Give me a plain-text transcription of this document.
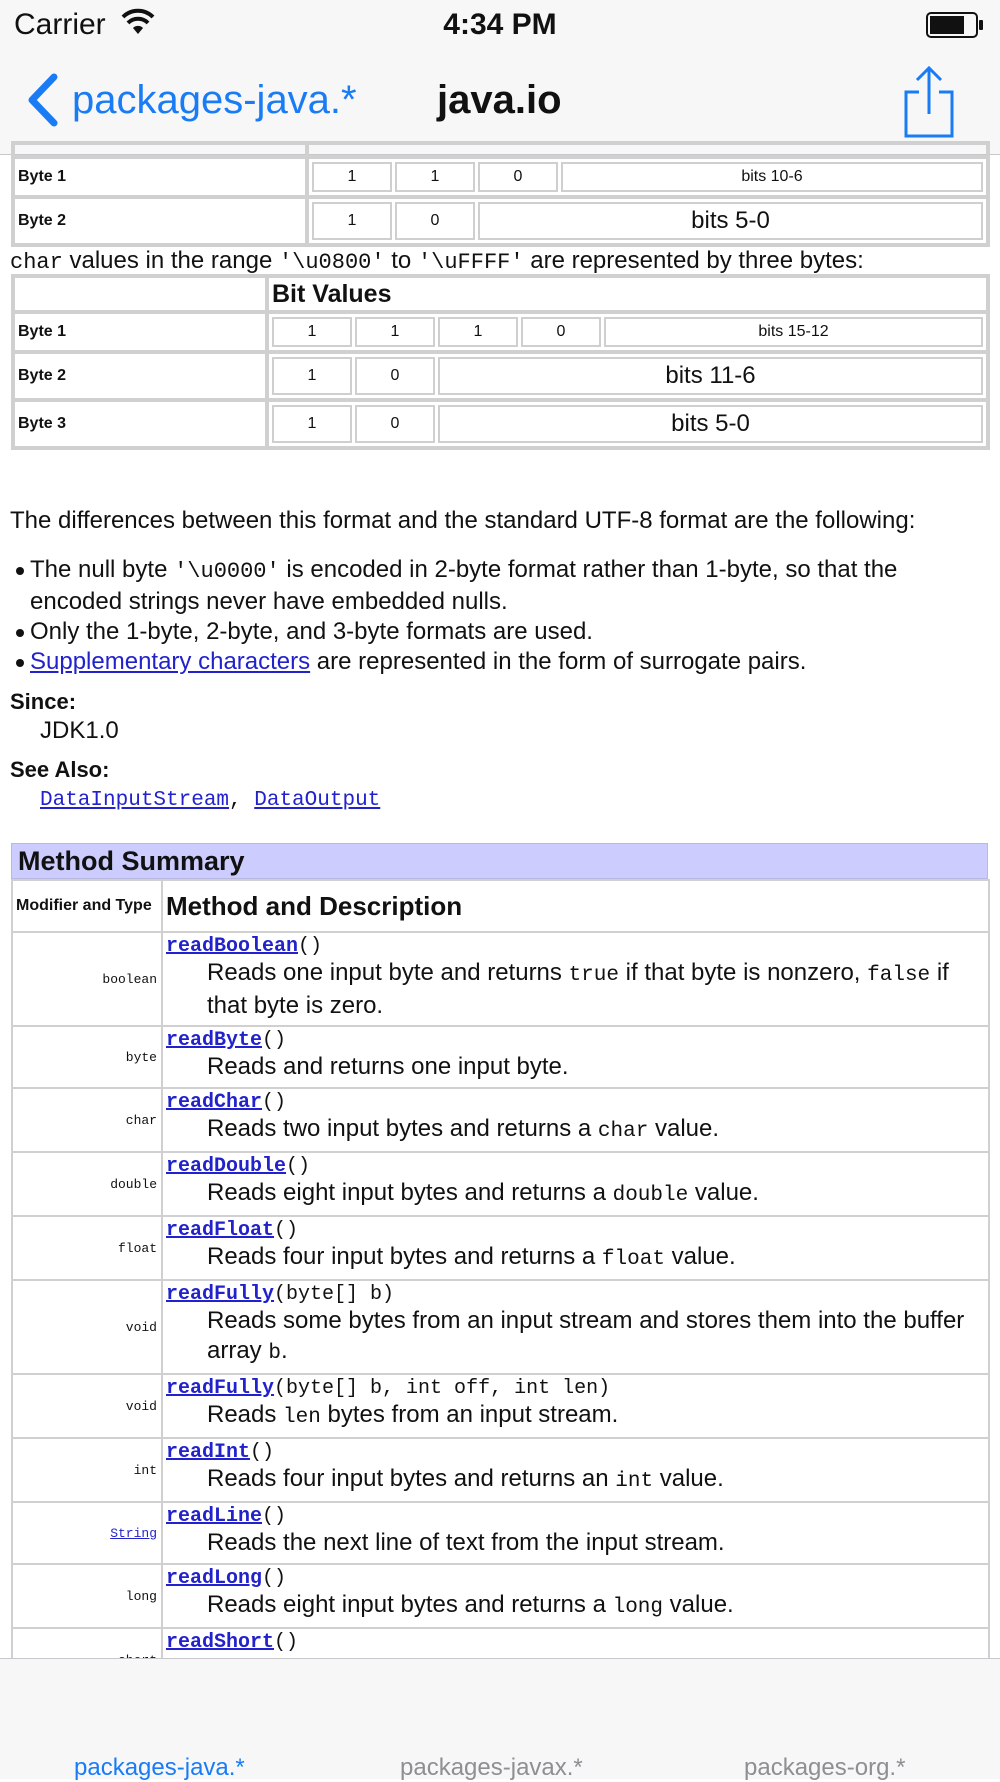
Carrier	4:34 PM
packages-java.* java.io

Byte 1		1	1	0	bits 10-6

Byte 2		1	0	bits 5-0
char values in the range '\u0800' to '\uFFFF' are represented by three bytes:
	Bit Values
Byte 1		1	1	1	0	bits 15-12

Byte 2		1	0	bits 11-6

Byte 3		1	0	bits 5-0
The differences between this format and the standard UTF-8 format are the following:
The null byte '\u0000' is encoded in 2-byte format rather than 1-byte, so that the encoded strings never have embedded nulls.
Only the 1-byte, 2-byte, and 3-byte formats are used.
Supplementary characters are represented in the form of surrogate pairs.
Since:
JDK1.0
See Also:
DataInputStream, DataOutput
Method Summary
Modifier and Type	Method and Description
boolean	readBoolean()
Reads one input byte and returns true if that byte is nonzero, false if that byte is zero.

byte	readByte()
Reads and returns one input byte.

char	readChar()
Reads two input bytes and returns a char value.

double	readDouble()
Reads eight input bytes and returns a double value.

float	readFloat()
Reads four input bytes and returns a float value.

void	readFully(byte[] b)
Reads some bytes from an input stream and stores them into the buffer array b.

void	readFully(byte[] b, int off, int len)
Reads len bytes from an input stream.

int	readInt()
Reads four input bytes and returns an int value.

String	readLine()
Reads the next line of text from the input stream.

long	readLong()
Reads eight input bytes and returns a long value.

	readShort()
packages-java.*	packages-javax.*	packages-org.*
